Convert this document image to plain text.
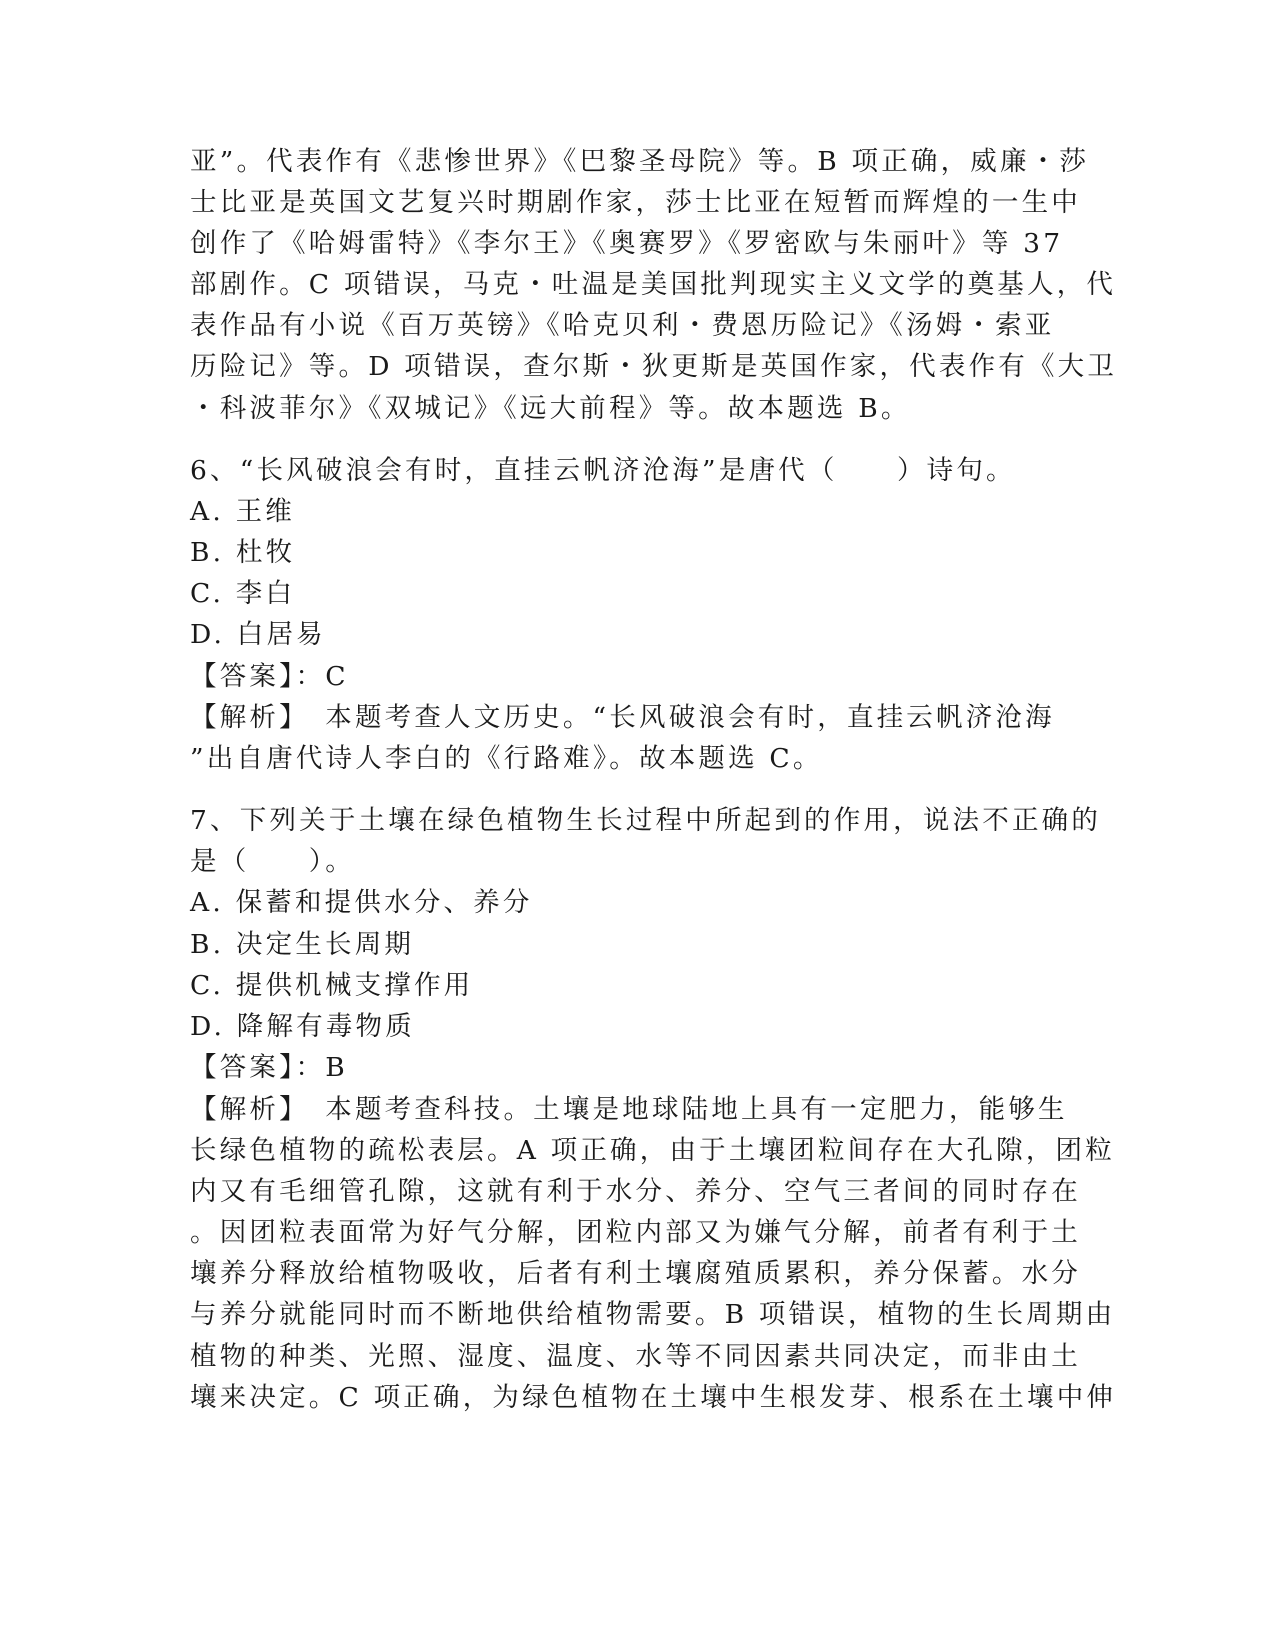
亚”。代表作有《悲惨世界》《巴黎圣母院》等。B 项正确，威廉・莎
士比亚是英国文艺复兴时期剧作家，莎士比亚在短暂而辉煌的一生中
创作了《哈姆雷特》《李尔王》《奥赛罗》《罗密欧与朱丽叶》等 37
部剧作。C 项错误，马克・吐温是美国批判现实主义文学的奠基人，代
表作品有小说《百万英镑》《哈克贝利・费恩历险记》《汤姆・索亚
历险记》等。D 项错误，查尔斯・狄更斯是英国作家，代表作有《大卫
・科波菲尔》《双城记》《远大前程》等。故本题选 B。
6、“长风破浪会有时，直挂云帆济沧海”是唐代（　　）诗句。
A. 王维
B. 杜牧
C. 李白
D. 白居易
【答案】：C
【解析】　本题考查人文历史。“长风破浪会有时，直挂云帆济沧海
”出自唐代诗人李白的《行路难》。故本题选 C。
7、下列关于土壤在绿色植物生长过程中所起到的作用，说法不正确的
是（　　）。
A. 保蓄和提供水分、养分
B. 决定生长周期
C. 提供机械支撑作用
D. 降解有毒物质
【答案】：B
【解析】　本题考查科技。土壤是地球陆地上具有一定肥力，能够生
长绿色植物的疏松表层。A 项正确，由于土壤团粒间存在大孔隙，团粒
内又有毛细管孔隙，这就有利于水分、养分、空气三者间的同时存在
。因团粒表面常为好气分解，团粒内部又为嫌气分解，前者有利于土
壤养分释放给植物吸收，后者有利土壤腐殖质累积，养分保蓄。水分
与养分就能同时而不断地供给植物需要。B 项错误，植物的生长周期由
植物的种类、光照、湿度、温度、水等不同因素共同决定，而非由土
壤来决定。C 项正确，为绿色植物在土壤中生根发芽、根系在土壤中伸
